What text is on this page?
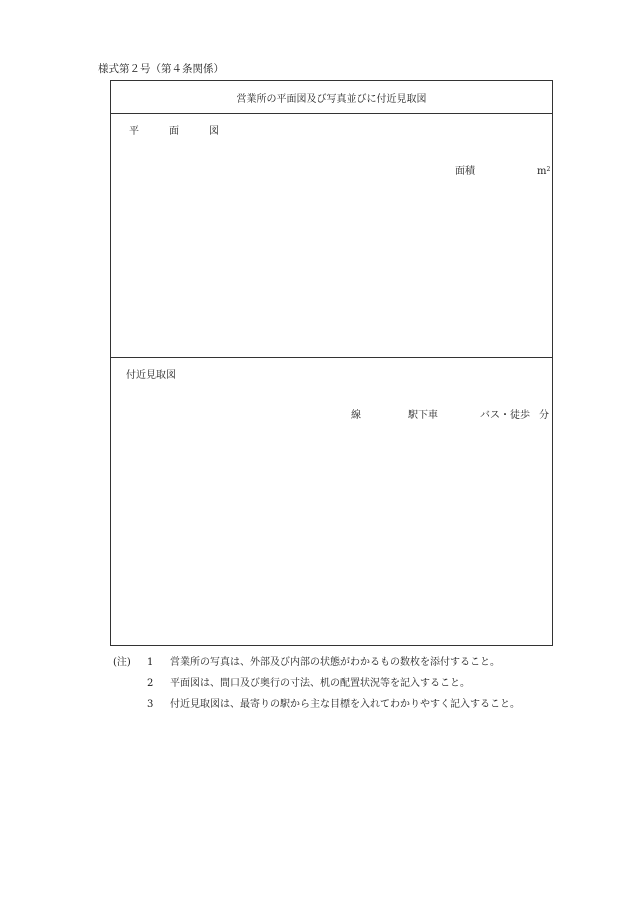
様式第２号（第４条関係）
営業所の平面図及び写真並びに付近見取図
平　面　図
面積	$m^2$
付近見取図
線	駅下車	バス・徒歩 分
(注) 1 営業所の写真は、外部及び内部の状態がわかるもの数枚を添付すること。
2 平面図は、間口及び奥行の寸法、机の配置状況等を記入すること。
3 付近見取図は、最寄りの駅から主な目標を入れてわかりやすく記入すること。
